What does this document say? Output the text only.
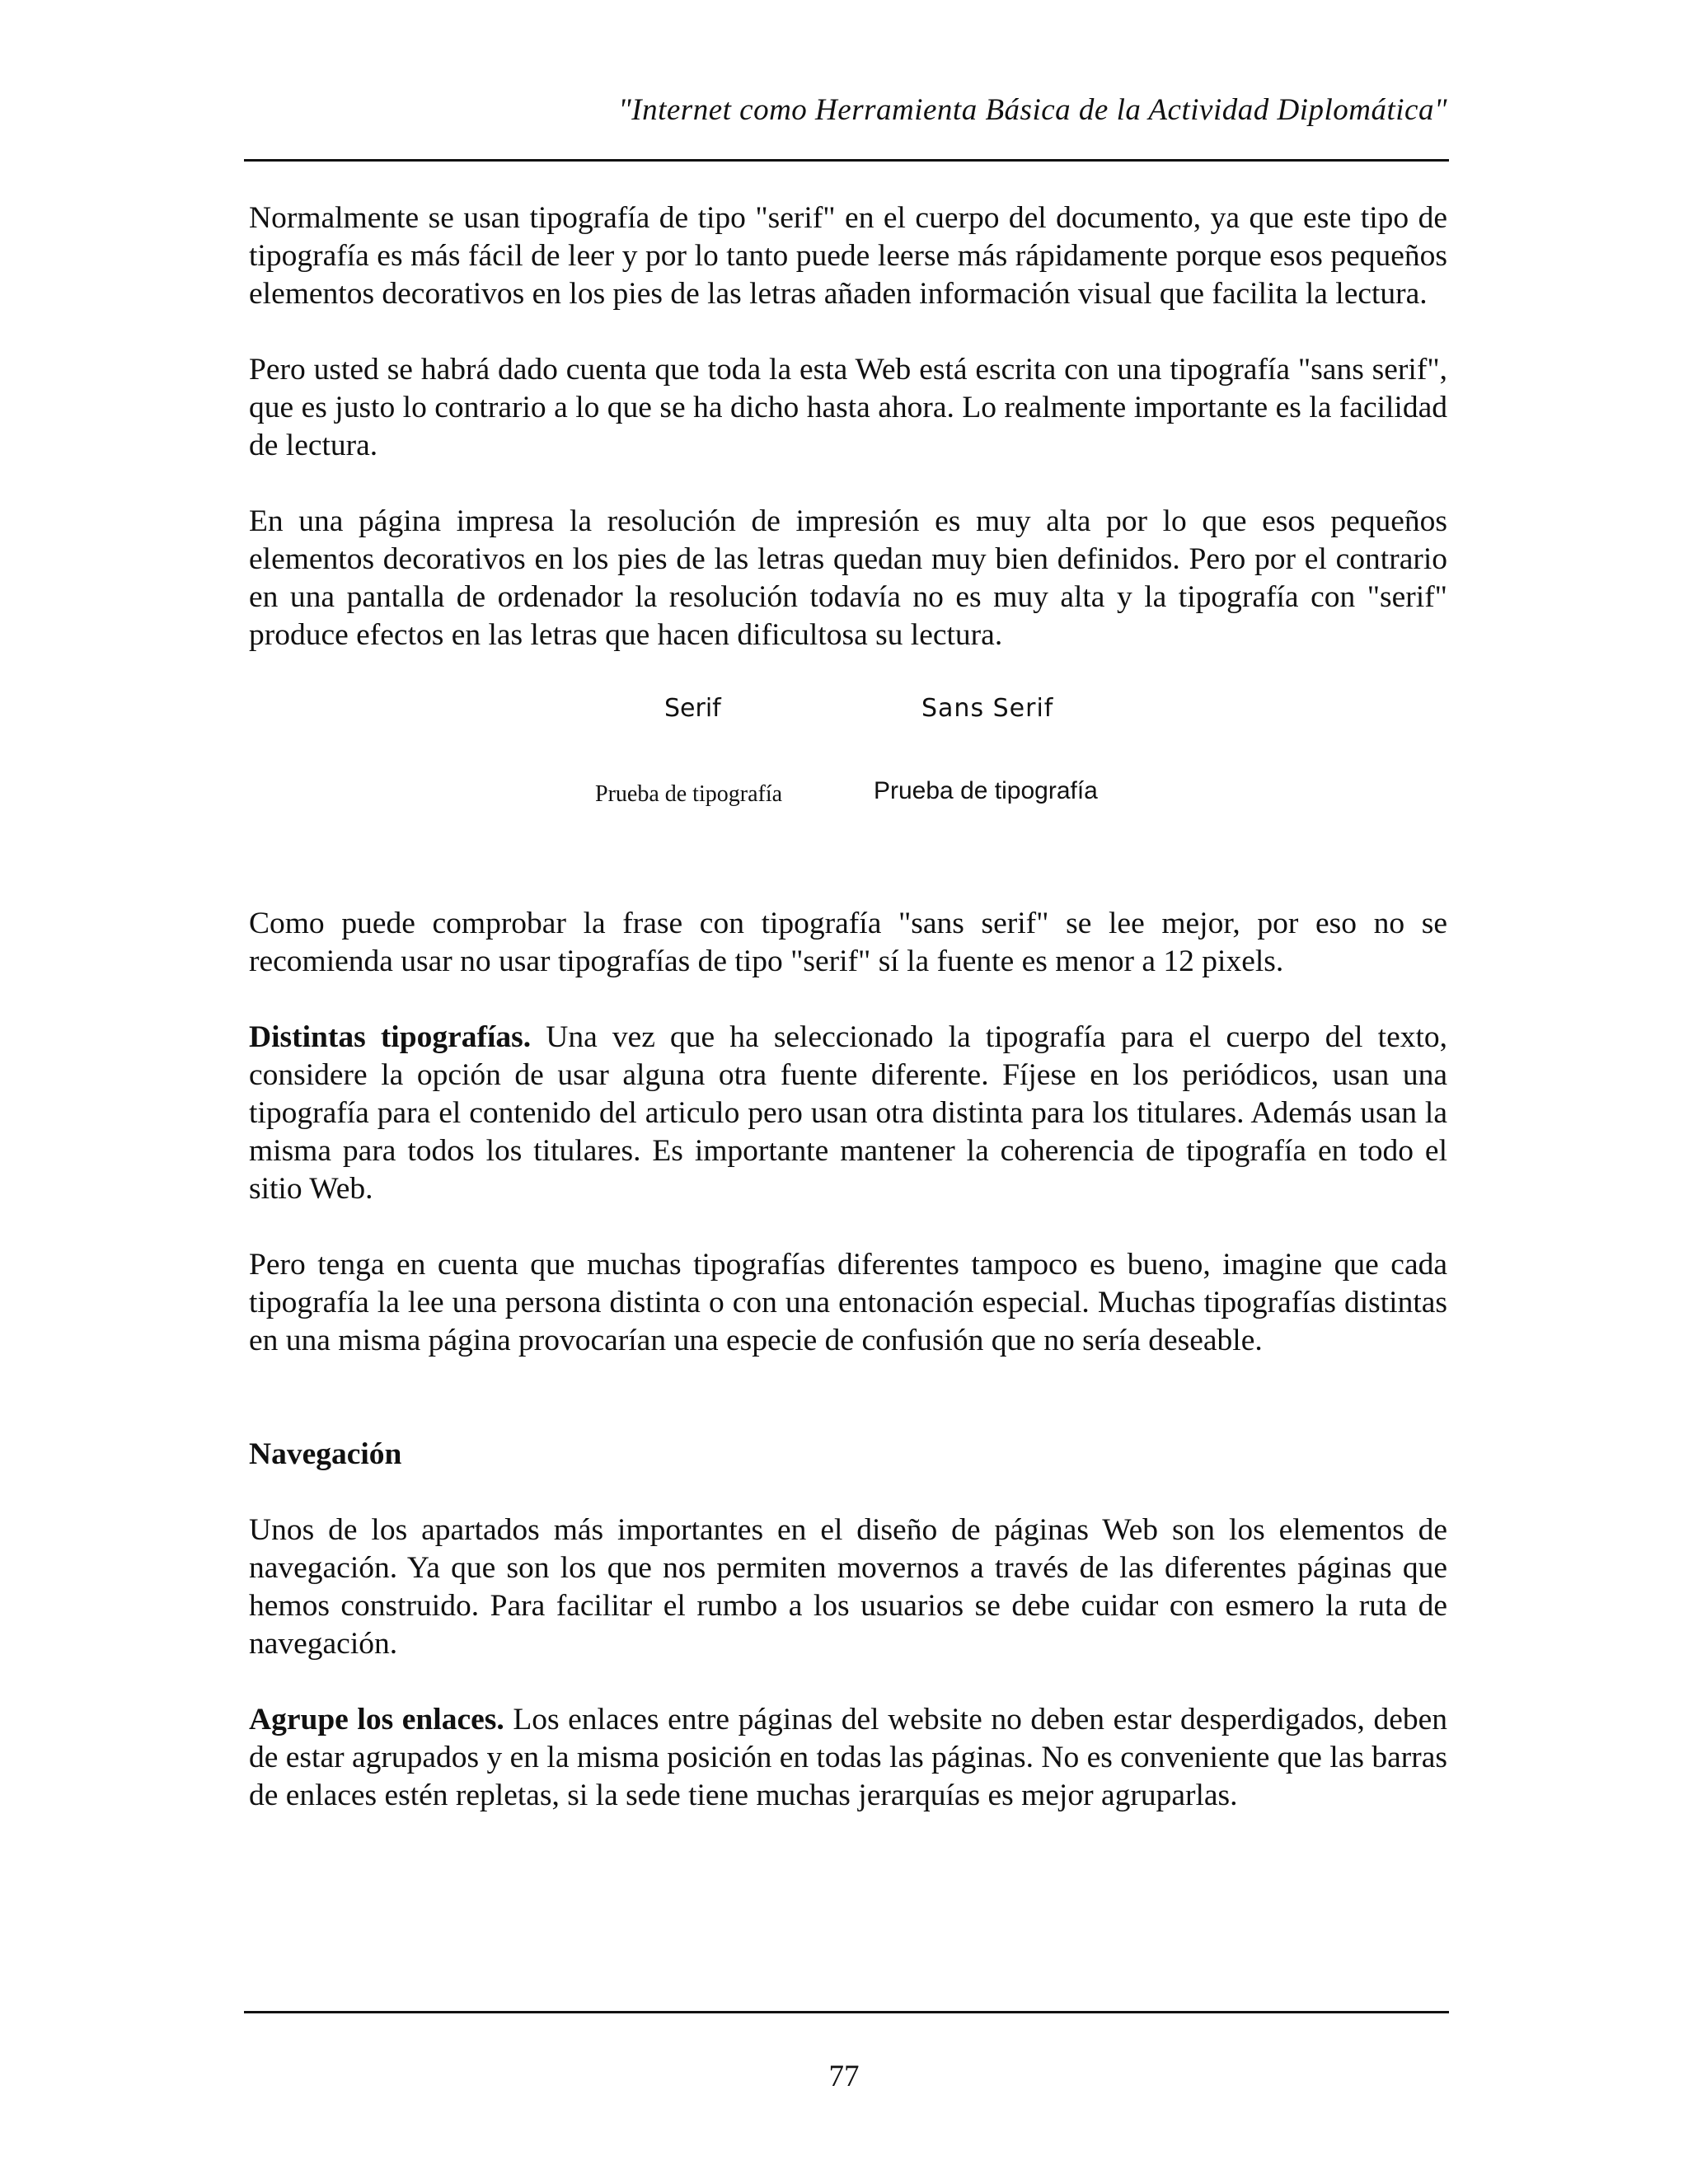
"Internet como Herramienta Básica de la Actividad Diplomática"

Normalmente se usan tipografía de tipo "serif" en el cuerpo del documento, ya que este tipo de tipografía es más fácil de leer y por lo tanto puede leerse más rápidamente porque esos pequeños elementos decorativos en los pies de las letras añaden información visual que facilita la lectura.

Pero usted se habrá dado cuenta que toda la esta Web está escrita con una tipografía "sans serif", que es justo lo contrario a lo que se ha dicho hasta ahora. Lo realmente importante es la facilidad de lectura.

En una página impresa la resolución de impresión es muy alta por lo que esos pequeños elementos decorativos en los pies de las letras quedan muy bien definidos. Pero por el contrario en una pantalla de ordenador la resolución todavía no es muy alta y la tipografía con "serif" produce efectos en las letras que hacen dificultosa su lectura.

Serif	Sans Serif
Prueba de tipografía	Prueba de tipografía

Como puede comprobar la frase con tipografía "sans serif" se lee mejor, por eso no se recomienda usar no usar tipografías de tipo "serif" sí la fuente es menor a 12 pixels.

Distintas tipografías. Una vez que ha seleccionado la tipografía para el cuerpo del texto, considere la opción de usar alguna otra fuente diferente. Fíjese en los periódicos, usan una tipografía para el contenido del articulo pero usan otra distinta para los titulares. Además usan la misma para todos los titulares. Es importante mantener la coherencia de tipografía en todo el sitio Web.

Pero tenga en cuenta que muchas tipografías diferentes tampoco es bueno, imagine que cada tipografía la lee una persona distinta o con una entonación especial. Muchas tipografías distintas en una misma página provocarían una especie de confusión que no sería deseable.

Navegación

Unos de los apartados más importantes en el diseño de páginas Web son los elementos de navegación. Ya que son los que nos permiten movernos a través de las diferentes páginas que hemos construido. Para facilitar el rumbo a los usuarios se debe cuidar con esmero la ruta de navegación.

Agrupe los enlaces. Los enlaces entre páginas del website no deben estar desperdigados, deben de estar agrupados y en la misma posición en todas las páginas. No es conveniente que las barras de enlaces estén repletas, si la sede tiene muchas jerarquías es mejor agruparlas.

77
